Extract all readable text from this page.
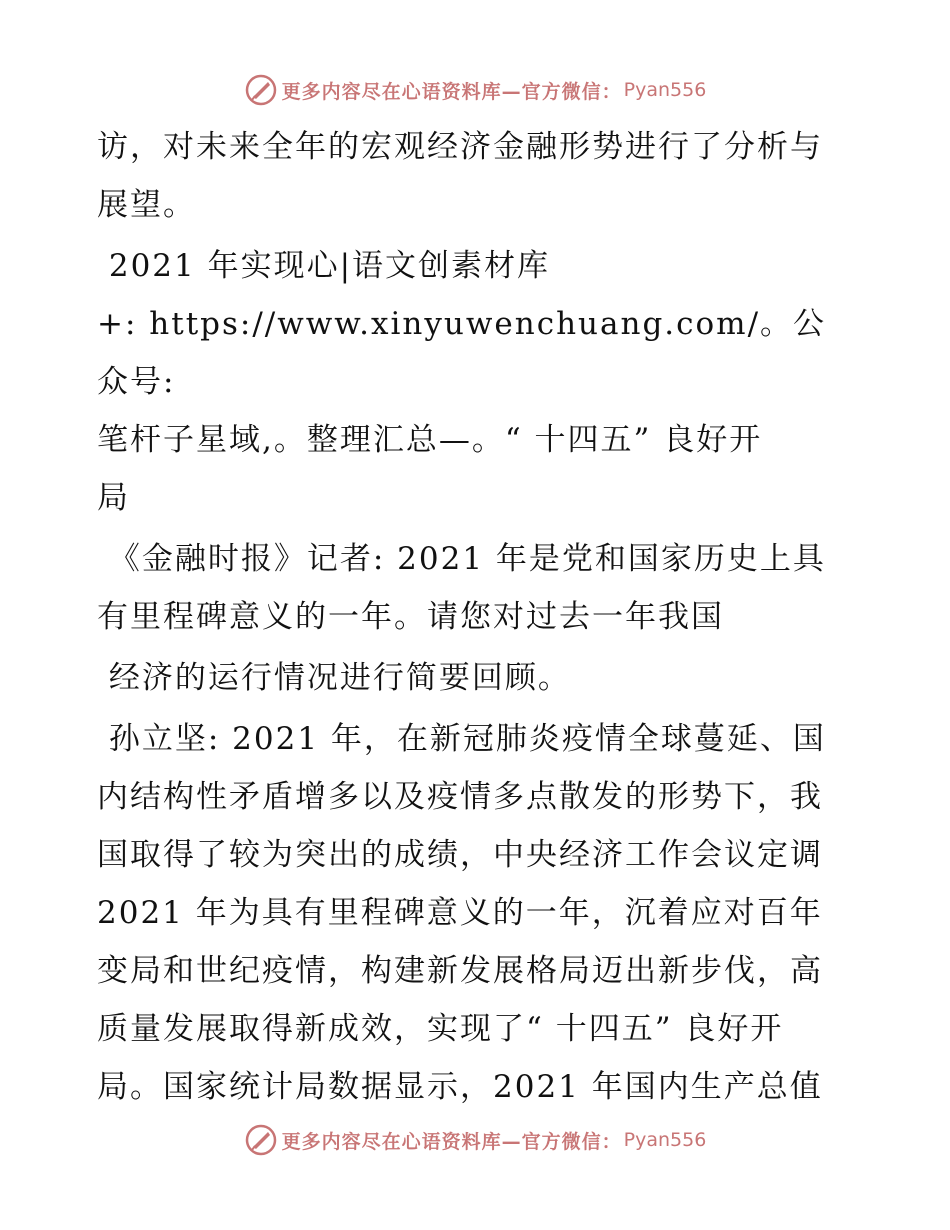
更多内容尽在心语资料库—官方微信： Pyan556

访，对未来全年的宏观经济金融形势进行了分析与
展望。

2021 年实现心|语文创素材库
+: https://www.xinyuwenchuang.com/。公众号:
笔杆子星域,。整理汇总—。“ 十四五” 良好开
局

《金融时报》记者: 2021 年是党和国家历史上具
有里程碑意义的一年。请您对过去一年我国

经济的运行情况进行简要回顾。

孙立坚: 2021 年，在新冠肺炎疫情全球蔓延、国
内结构性矛盾增多以及疫情多点散发的形势下，我
国取得了较为突出的成绩，中央经济工作会议定调
2021 年为具有里程碑意义的一年，沉着应对百年
变局和世纪疫情，构建新发展格局迈出新步伐，高
质量发展取得新成效，实现了“ 十四五” 良好开
局。国家统计局数据显示，2021 年国内生产总值

更多内容尽在心语资料库—官方微信： Pyan556
